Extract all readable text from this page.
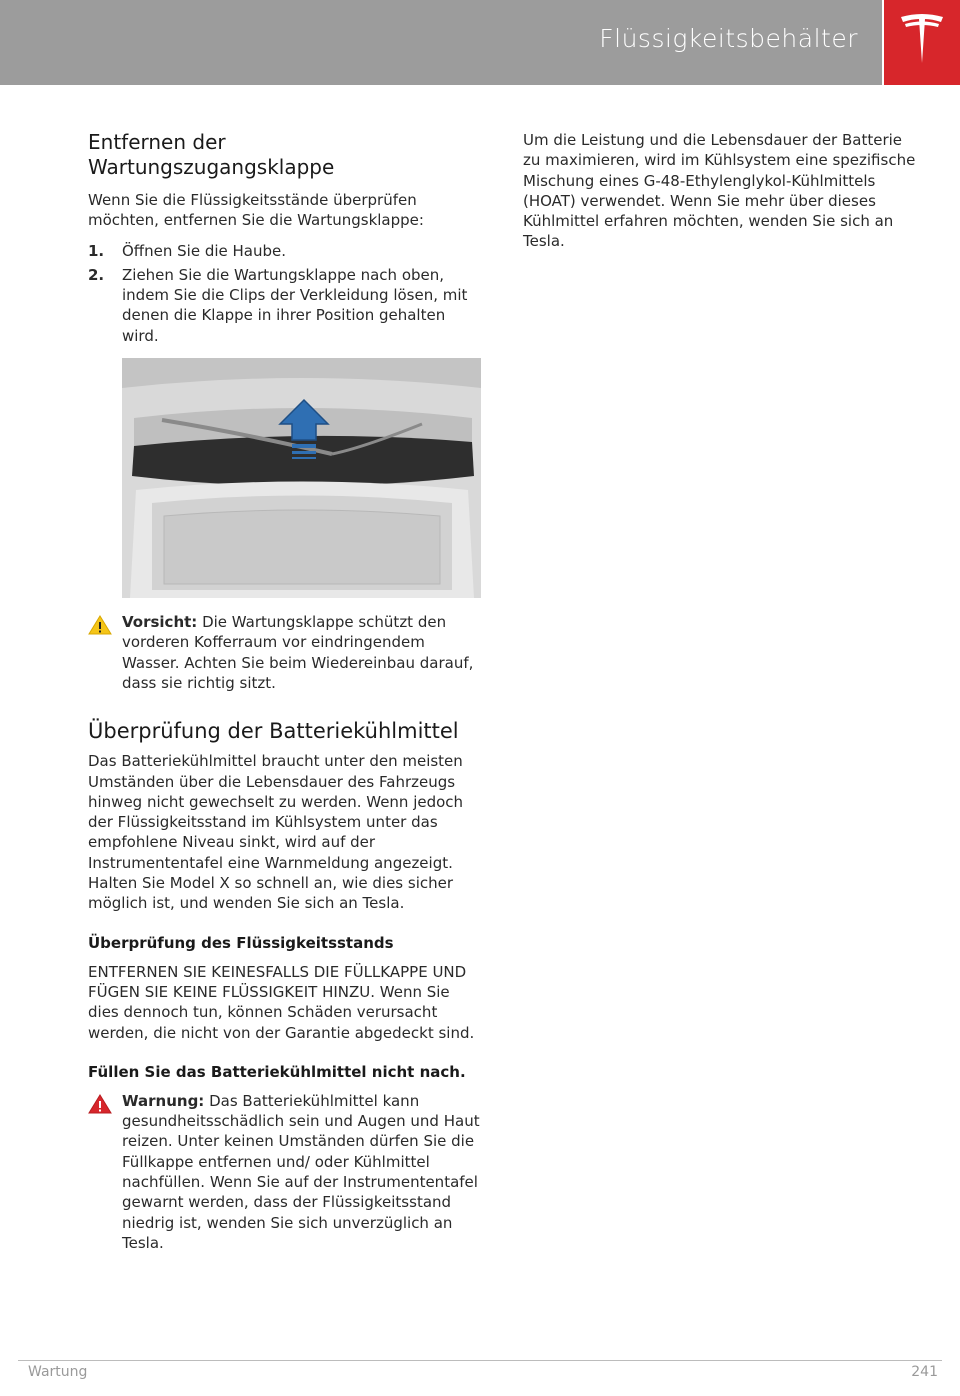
Flüssigkeitsbehälter
Entfernen der Wartungszugangsklappe

Wenn Sie die Flüssigkeitsstände überprüfen möchten, entfernen Sie die Wartungsklappe:

1.	Öffnen Sie die Haube.
2.	Ziehen Sie die Wartungsklappe nach oben, indem Sie die Clips der Verkleidung lösen, mit denen die Klappe in ihrer Position gehalten wird.
Vorsicht: Die Wartungsklappe schützt den vorderen Kofferraum vor eindringendem Wasser. Achten Sie beim Wiedereinbau darauf, dass sie richtig sitzt.
Überprüfung der Batteriekühlmittel

Das Batteriekühlmittel braucht unter den meisten Umständen über die Lebensdauer des Fahrzeugs hinweg nicht gewechselt zu werden. Wenn jedoch der Flüssigkeitsstand im Kühlsystem unter das empfohlene Niveau sinkt, wird auf der Instrumententafel eine Warnmeldung angezeigt. Halten Sie Model X so schnell an, wie dies sicher möglich ist, und wenden Sie sich an Tesla.

Überprüfung des Flüssigkeitsstands

ENTFERNEN SIE KEINESFALLS DIE FÜLLKAPPE UND FÜGEN SIE KEINE FLÜSSIGKEIT HINZU. Wenn Sie dies dennoch tun, können Schäden verursacht werden, die nicht von der Garantie abgedeckt sind.

Füllen Sie das Batteriekühlmittel nicht nach.
Warnung: Das Batteriekühlmittel kann gesundheitsschädlich sein und Augen und Haut reizen. Unter keinen Umständen dürfen Sie die Füllkappe entfernen und/ oder Kühlmittel nachfüllen. Wenn Sie auf der Instrumententafel gewarnt werden, dass der Flüssigkeitsstand niedrig ist, wenden Sie sich unverzüglich an Tesla.

Um die Leistung und die Lebensdauer der Batterie zu maximieren, wird im Kühlsystem eine spezifische Mischung eines G-48-Ethylenglykol-Kühlmittels (HOAT) verwendet. Wenn Sie mehr über dieses Kühlmittel erfahren möchten, wenden Sie sich an Tesla.

Wartung	241
